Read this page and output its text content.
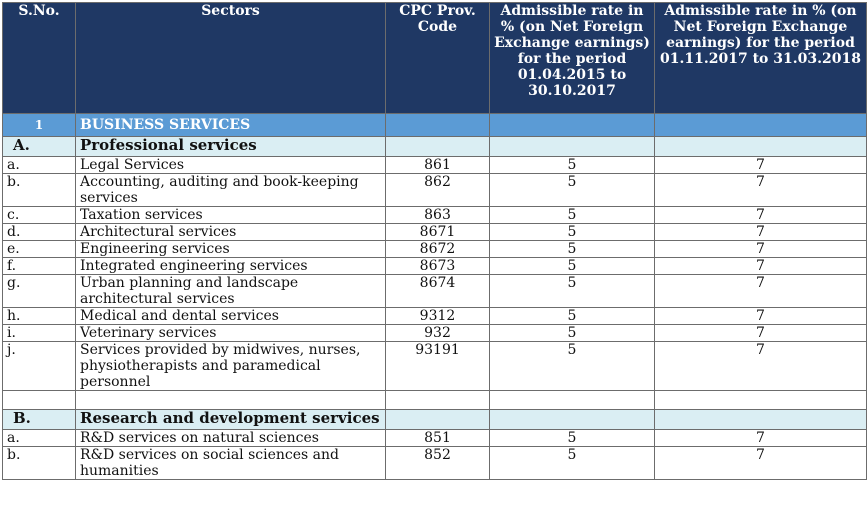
S.No.	Sectors	CPC Prov. Code	Admissible rate in % (on Net Foreign Exchange earnings) for the period 01.04.2015 to 30.10.2017	Admissible rate in % (on Net Foreign Exchange earnings) for the period 01.11.2017 to 31.03.2018
1	BUSINESS SERVICES			
A.	Professional services			
a.	Legal Services	861	5	7
b.	Accounting, auditing and book-keeping services	862	5	7
c.	Taxation services	863	5	7
d.	Architectural services	8671	5	7
e.	Engineering services	8672	5	7
f.	Integrated engineering services	8673	5	7
g.	Urban planning and landscape architectural services	8674	5	7
h.	Medical and dental services	9312	5	7
i.	Veterinary services	932	5	7
j.	Services provided by midwives, nurses, physiotherapists and paramedical personnel	93191	5	7

B.	Research and development services			
a.	R&D services on natural sciences	851	5	7
b.	R&D services on social sciences and humanities	852	5	7
